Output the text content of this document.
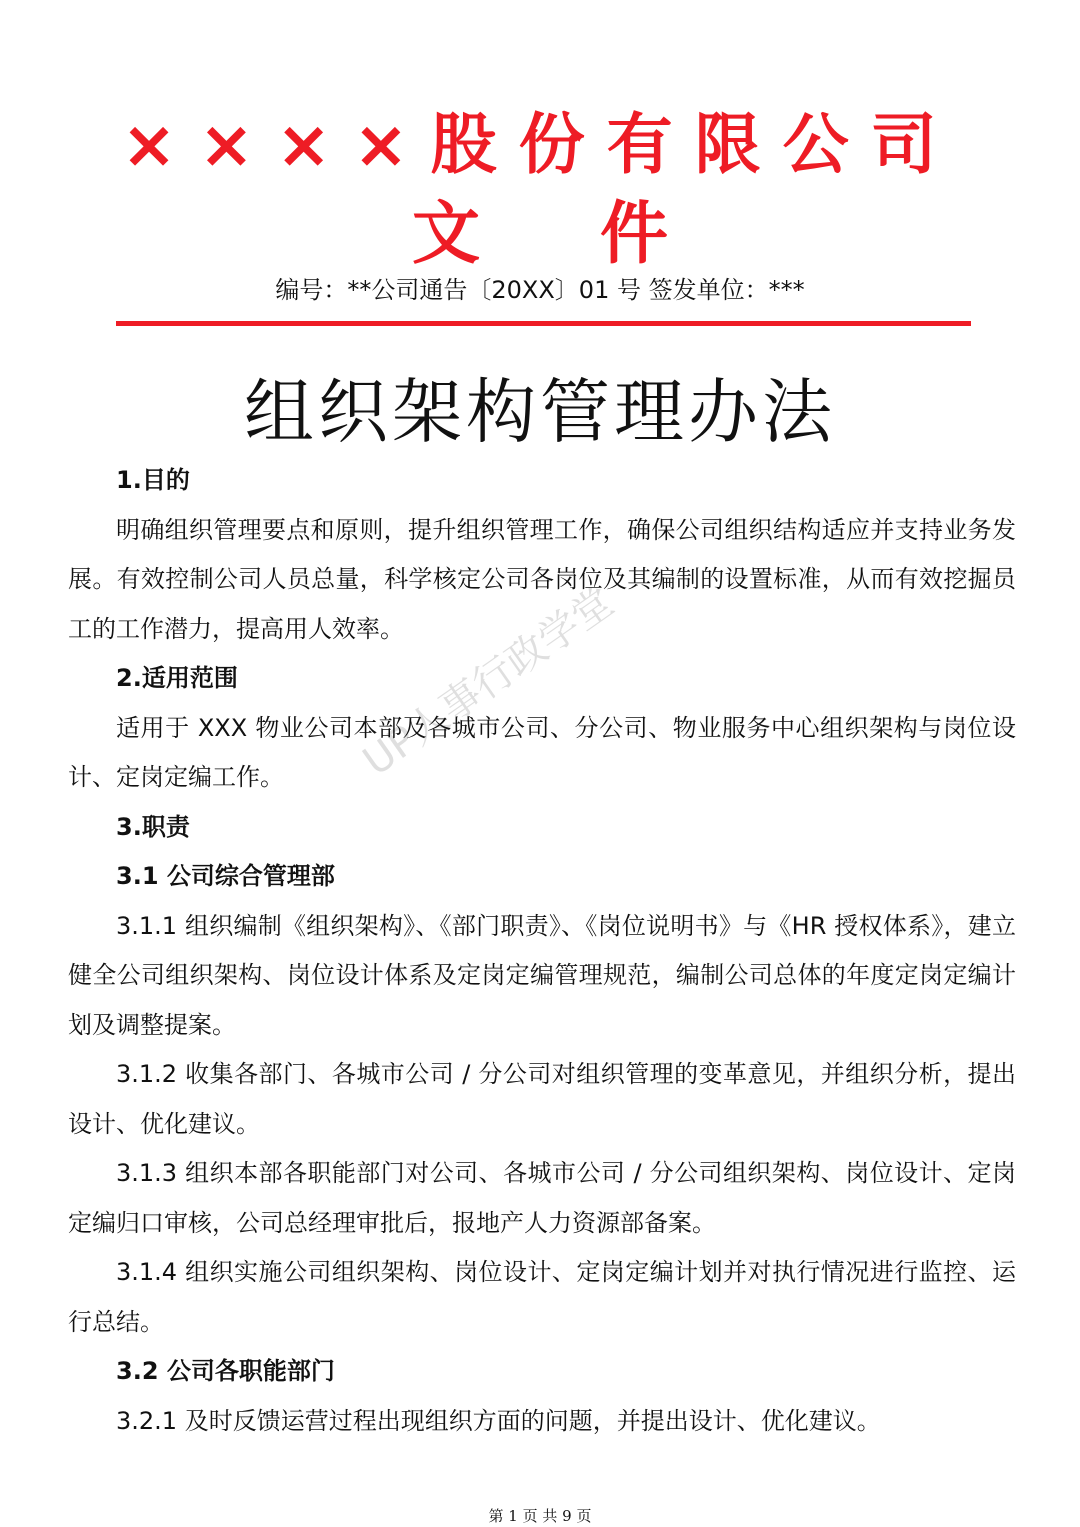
××××股份有限公司
文 件
编号：**公司通告〔20XX〕01 号 签发单位：***
组织架构管理办法
UP人事行政学堂

1.目的

明确组织管理要点和原则，提升组织管理工作，确保公司组织结构适应并支持业务发展。有效控制公司人员总量，科学核定公司各岗位及其编制的设置标准，从而有效挖掘员工的工作潜力，提高用人效率。

2.适用范围

适用于 XXX 物业公司本部及各城市公司、分公司、物业服务中心组织架构与岗位设计、定岗定编工作。

3.职责

3.1 公司综合管理部

3.1.1 组织编制《组织架构》、《部门职责》、《岗位说明书》与《HR 授权体系》，建立健全公司组织架构、岗位设计体系及定岗定编管理规范，编制公司总体的年度定岗定编计划及调整提案。

3.1.2 收集各部门、各城市公司 / 分公司对组织管理的变革意见，并组织分析，提出设计、优化建议。

3.1.3 组织本部各职能部门对公司、各城市公司 / 分公司组织架构、岗位设计、定岗定编归口审核，公司总经理审批后，报地产人力资源部备案。

3.1.4 组织实施公司组织架构、岗位设计、定岗定编计划并对执行情况进行监控、运行总结。

3.2 公司各职能部门

3.2.1 及时反馈运营过程出现组织方面的问题，并提出设计、优化建议。

第 1 页 共 9 页
